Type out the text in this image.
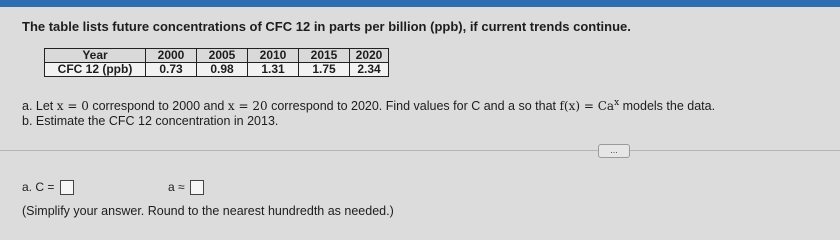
The table lists future concentrations of CFC 12 in parts per billion (ppb), if current trends continue.
Year	2000	2005	2010	2015	2020
CFC 12 (ppb)	0.73	0.98	1.31	1.75	2.34
a. Let x = 0 correspond to 2000 and x = 20 correspond to 2020. Find values for C and a so that $f(x) = Ca^x$ models the data.
b. Estimate the CFC 12 concentration in 2013.
...
a. C =	a ≈
(Simplify your answer. Round to the nearest hundredth as needed.)
